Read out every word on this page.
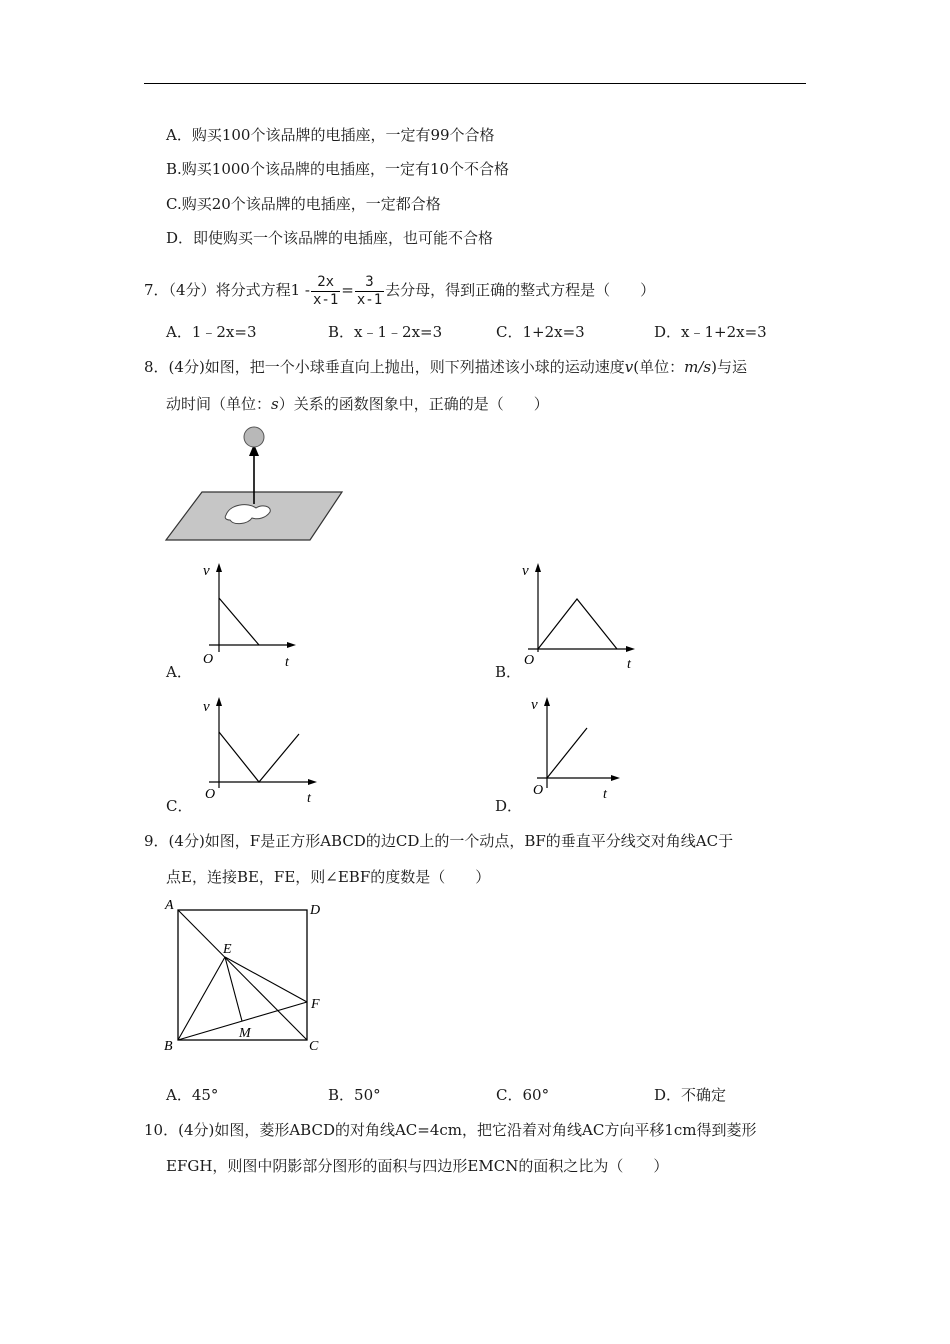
A．购买100个该品牌的电插座，一定有99个合格
B.购买1000个该品牌的电插座，一定有10个不合格
C.购买20个该品牌的电插座，一定都合格
D．即使购买一个该品牌的电插座，也可能不合格
7．（4分）将分式方程$1 - \frac{2x}{x-1} = \frac{3}{x-1}$ 去分母，得到正确的整式方程是（　　）
A．1﹣2x=3	B．x﹣1﹣2x=3	C．1+2x=3	D．x﹣1+2x=3
8．(4分)如图，把一个小球垂直向上抛出，则下列描述该小球的运动速度v(单位：m/s)与运
动时间（单位：s）关系的函数图象中，正确的是（　　）
v
t
O
A．
v
t
O
B．
v
t
O
C．
v
t
O
D．
9．(4分)如图，F是正方形ABCD的边CD上的一个动点，BF的垂直平分线交对角线AC于
点E，连接BE，FE，则∠EBF的度数是（　　）
A	D
B	C
E
F
M
A．45°	B．50°	C．60°	D．不确定
10．(4分)如图，菱形ABCD的对角线AC=4cm，把它沿着对角线AC方向平移1cm得到菱形
EFGH，则图中阴影部分图形的面积与四边形EMCN的面积之比为（　　）
